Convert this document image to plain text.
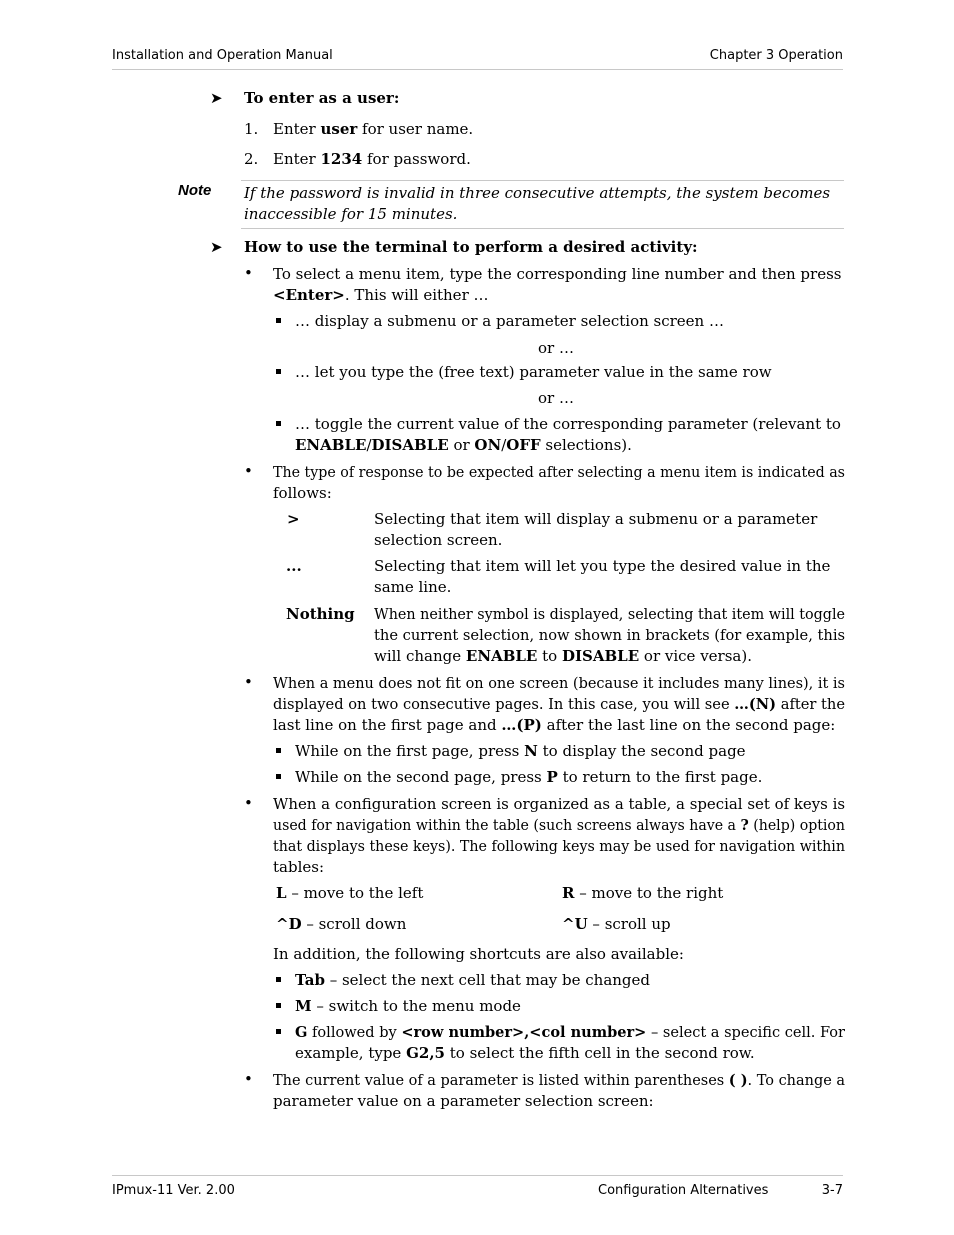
Installation and Operation Manual	Chapter 3 Operation
➤ To enter as a user:
1. Enter user for user name.
2. Enter 1234 for password.
Note If the password is invalid in three consecutive attempts, the system becomes
inaccessible for 15 minutes.
➤ How to use the terminal to perform a desired activity:
• To select a menu item, type the corresponding line number and then press
<Enter>. This will either …
… display a submenu or a parameter selection screen …
or …
… let you type the (free text) parameter value in the same row
or …
… toggle the current value of the corresponding parameter (relevant to
ENABLE/DISABLE or ON/OFF selections).
• The type of response to be expected after selecting a menu item is indicated as
follows:
>	Selecting that item will display a submenu or a parameter
selection screen.
...	Selecting that item will let you type the desired value in the
same line.
Nothing When neither symbol is displayed, selecting that item will toggle
the current selection, now shown in brackets (for example, this
will change ENABLE to DISABLE or vice versa).
• When a menu does not fit on one screen (because it includes many lines), it is
displayed on two consecutive pages. In this case, you will see …(N) after the
last line on the first page and …(P) after the last line on the second page:
While on the first page, press N to display the second page
While on the second page, press P to return to the first page.
• When a configuration screen is organized as a table, a special set of keys is
used for navigation within the table (such screens always have a ? (help) option
that displays these keys). The following keys may be used for navigation within
tables:
L – move to the left	R – move to the right
^D – scroll down	^U – scroll up
In addition, the following shortcuts are also available:
Tab – select the next cell that may be changed
M – switch to the menu mode
G followed by <row number>,<col number> – select a specific cell. For
example, type G2,5 to select the fifth cell in the second row.
• The current value of a parameter is listed within parentheses ( ). To change a
parameter value on a parameter selection screen:
IPmux-11 Ver. 2.00	Configuration Alternatives	3-7
